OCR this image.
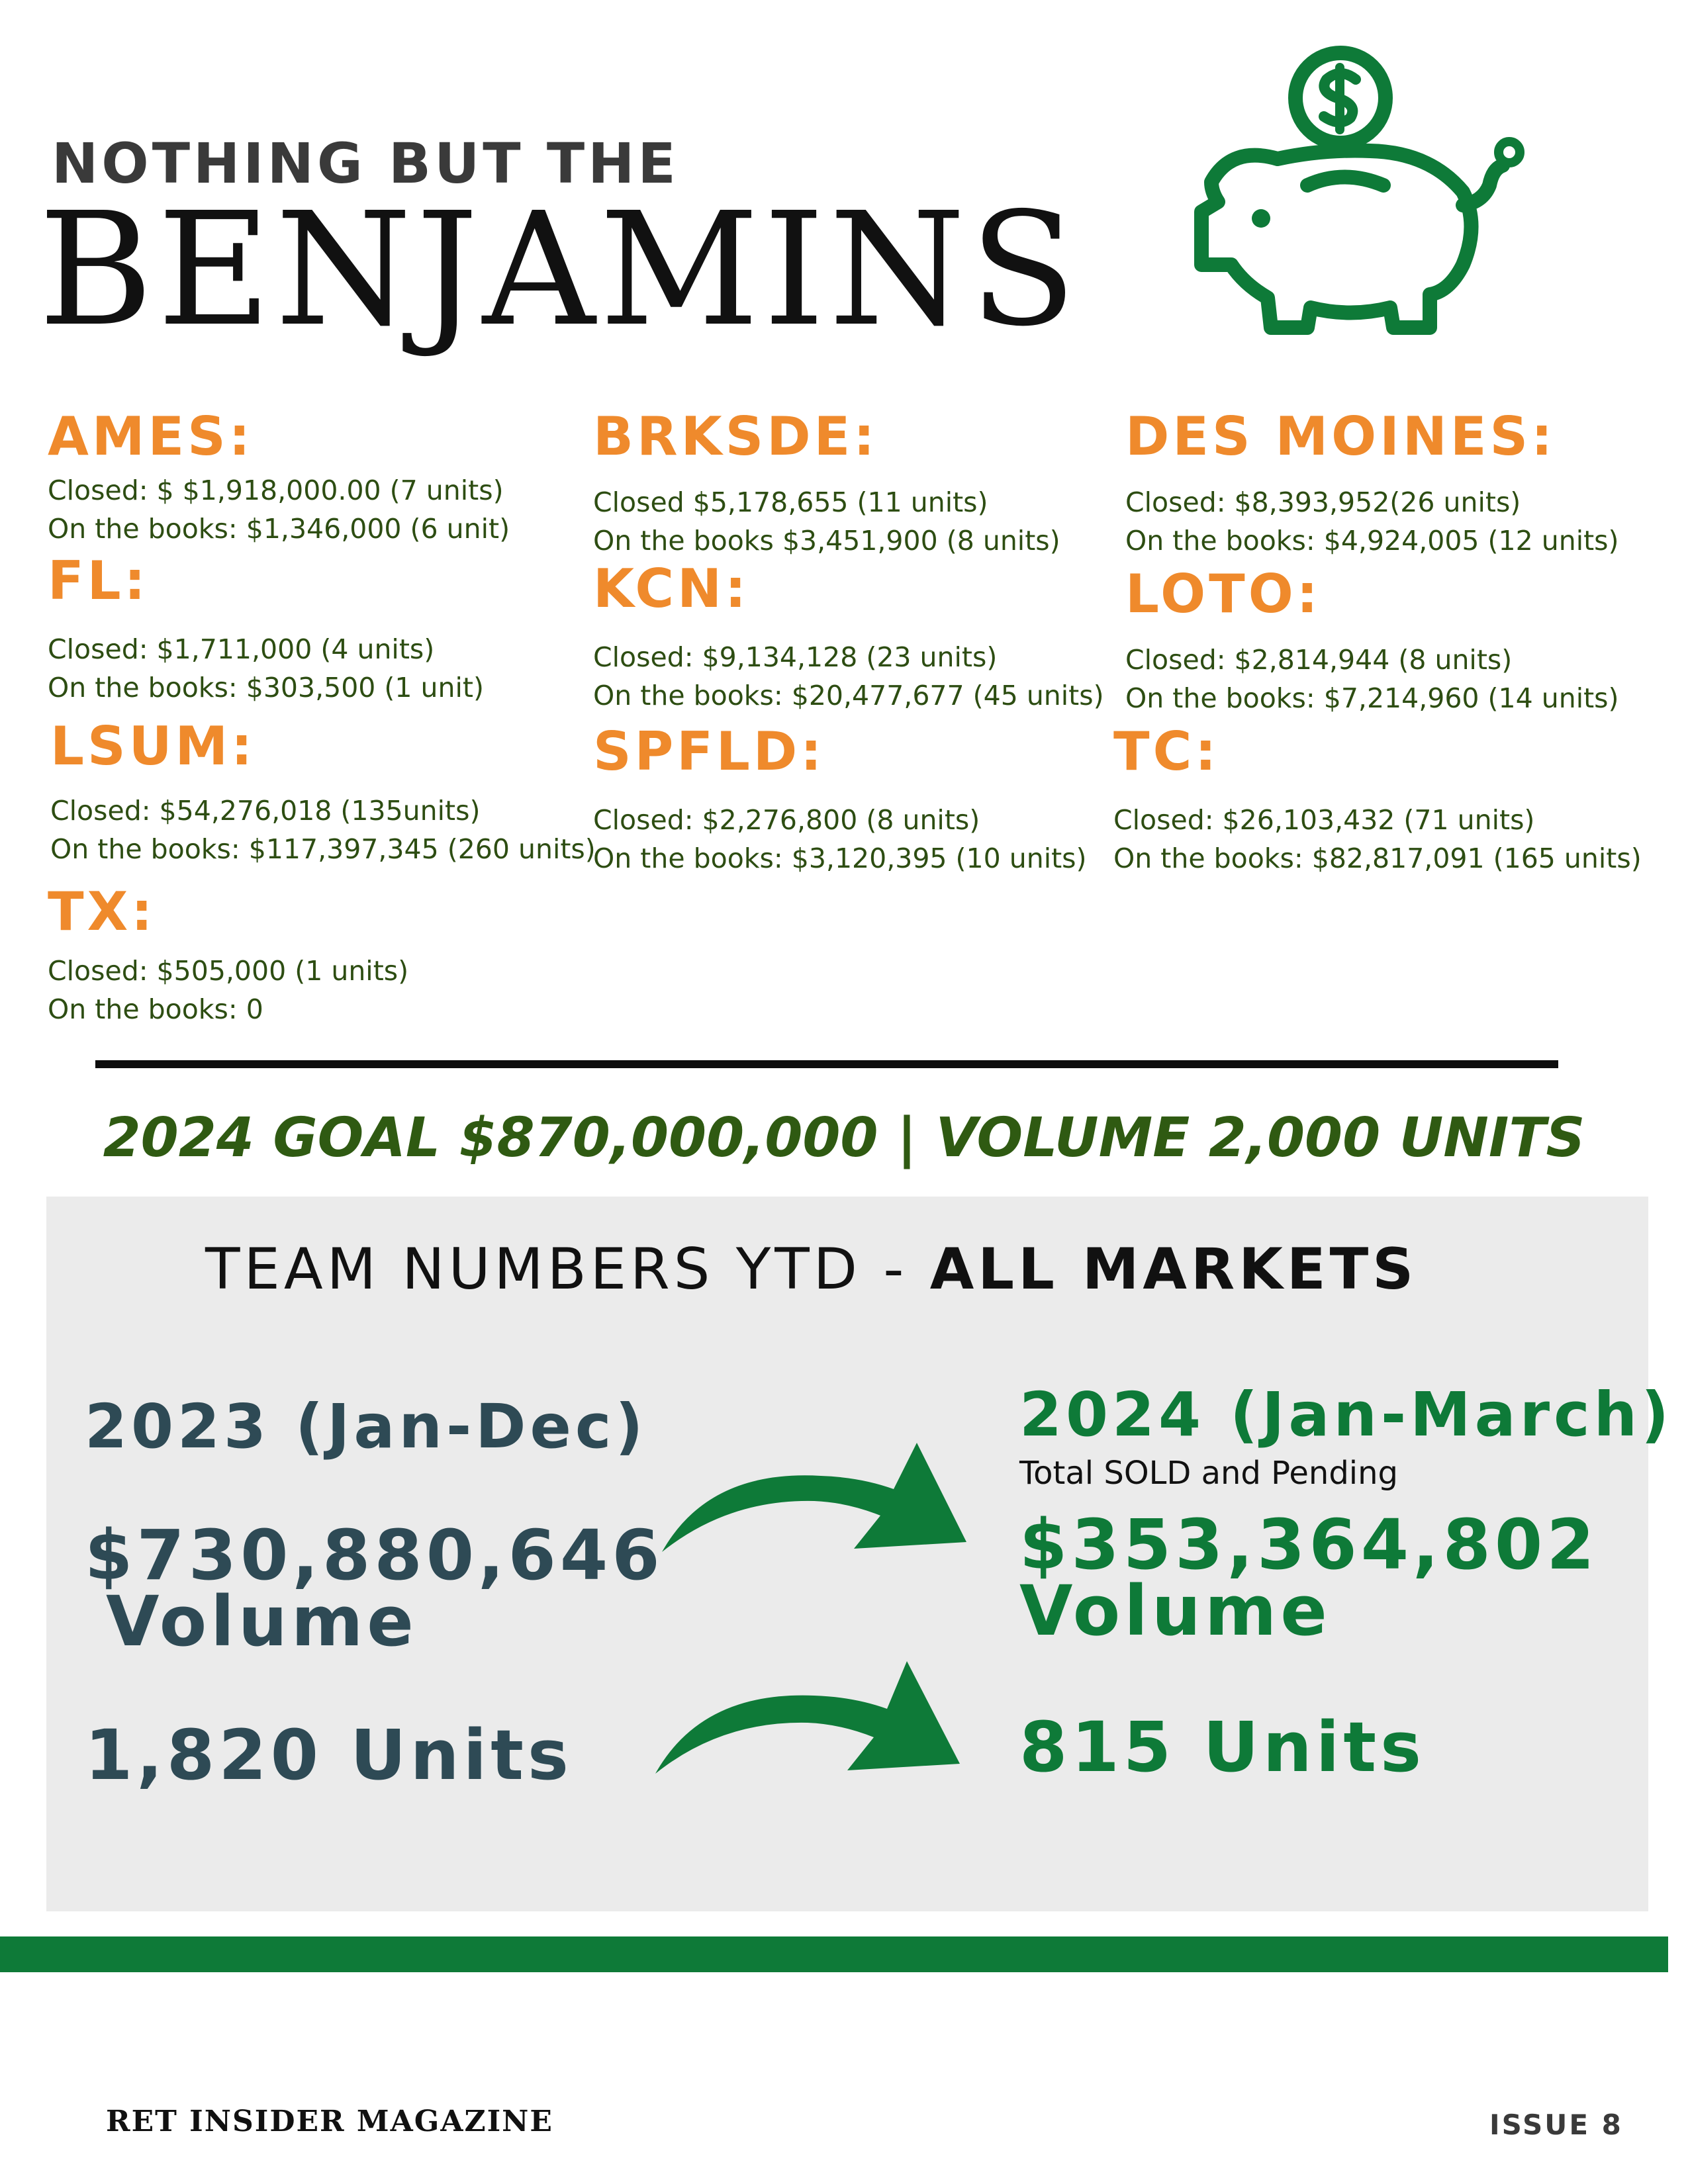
NOTHING BUT THE
BENJAMINS
AMES:
Closed: $ $1,918,000.00 (7 units)
On the books: $1,346,000 (6 unit)
FL:
Closed: $1,711,000 (4 units)
On the books: $303,500 (1 unit)
LSUM:
Closed: $54,276,018 (135units)
On the books: $117,397,345 (260 units)
TX:
Closed: $505,000 (1 units)
On the books: 0
BRKSDE:
Closed $5,178,655 (11 units)
On the books $3,451,900 (8 units)
KCN:
Closed: $9,134,128 (23 units)
On the books: $20,477,677 (45 units)
SPFLD:
Closed: $2,276,800 (8 units)
On the books: $3,120,395 (10 units)
DES MOINES:
Closed: $8,393,952(26 units)
On the books: $4,924,005 (12 units)
LOTO:
Closed: $2,814,944 (8 units)
On the books: $7,214,960 (14 units)
TC:
Closed: $26,103,432 (71 units)
On the books: $82,817,091 (165 units)
2024 GOAL $870,000,000 | VOLUME 2,000 UNITS
TEAM NUMBERS YTD - ALL MARKETS
2023 (Jan-Dec)
$730,880,646
Volume
1,820 Units
2024 (Jan-March)
Total SOLD and Pending
$353,364,802
Volume
815 Units
RET INSIDER MAGAZINE	ISSUE 8
